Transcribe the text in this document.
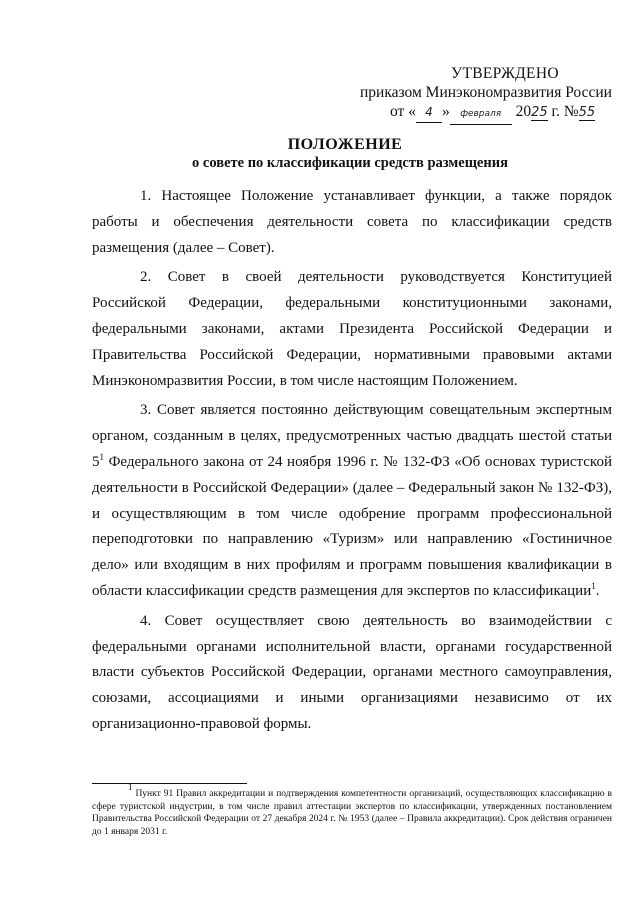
УТВЕРЖДЕНО
приказом Минэкономразвития России
от « 4 » февраля 2025 г. №55
ПОЛОЖЕНИЕ
о совете по классификации средств размещения

1. Настоящее Положение устанавливает функции, а также порядок работы и обеспечения деятельности совета по классификации средств размещения (далее – Совет).

2. Совет в своей деятельности руководствуется Конституцией Российской Федерации, федеральными конституционными законами, федеральными законами, актами Президента Российской Федерации и Правительства Российской Федерации, нормативными правовыми актами Минэкономразвития России, в том числе настоящим Положением.

3. Совет является постоянно действующим совещательным экспертным органом, созданным в целях, предусмотренных частью двадцать шестой статьи $5^1$ Федерального закона от 24 ноября 1996 г. № 132-ФЗ «Об основах туристской деятельности в Российской Федерации» (далее – Федеральный закон № 132-ФЗ), и осуществляющим в том числе одобрение программ профессиональной переподготовки по направлению «Туризм» или направлению «Гостиничное дело» или входящим в них профилям и программ повышения квалификации в области классификации средств размещения для экспертов по классификации$^1$.

4. Совет осуществляет свою деятельность во взаимодействии с федеральными органами исполнительной власти, органами государственной власти субъектов Российской Федерации, органами местного самоуправления, союзами, ассоциациями и иными организациями независимо от их организационно-правовой формы.

$^1$ Пункт 91 Правил аккредитации и подтверждения компетентности организаций, осуществляющих классификацию в сфере туристской индустрии, в том числе правил аттестации экспертов по классификации, утвержденных постановлением Правительства Российской Федерации от 27 декабря 2024 г. № 1953 (далее – Правила аккредитации). Срок действия ограничен до 1 января 2031 г.
